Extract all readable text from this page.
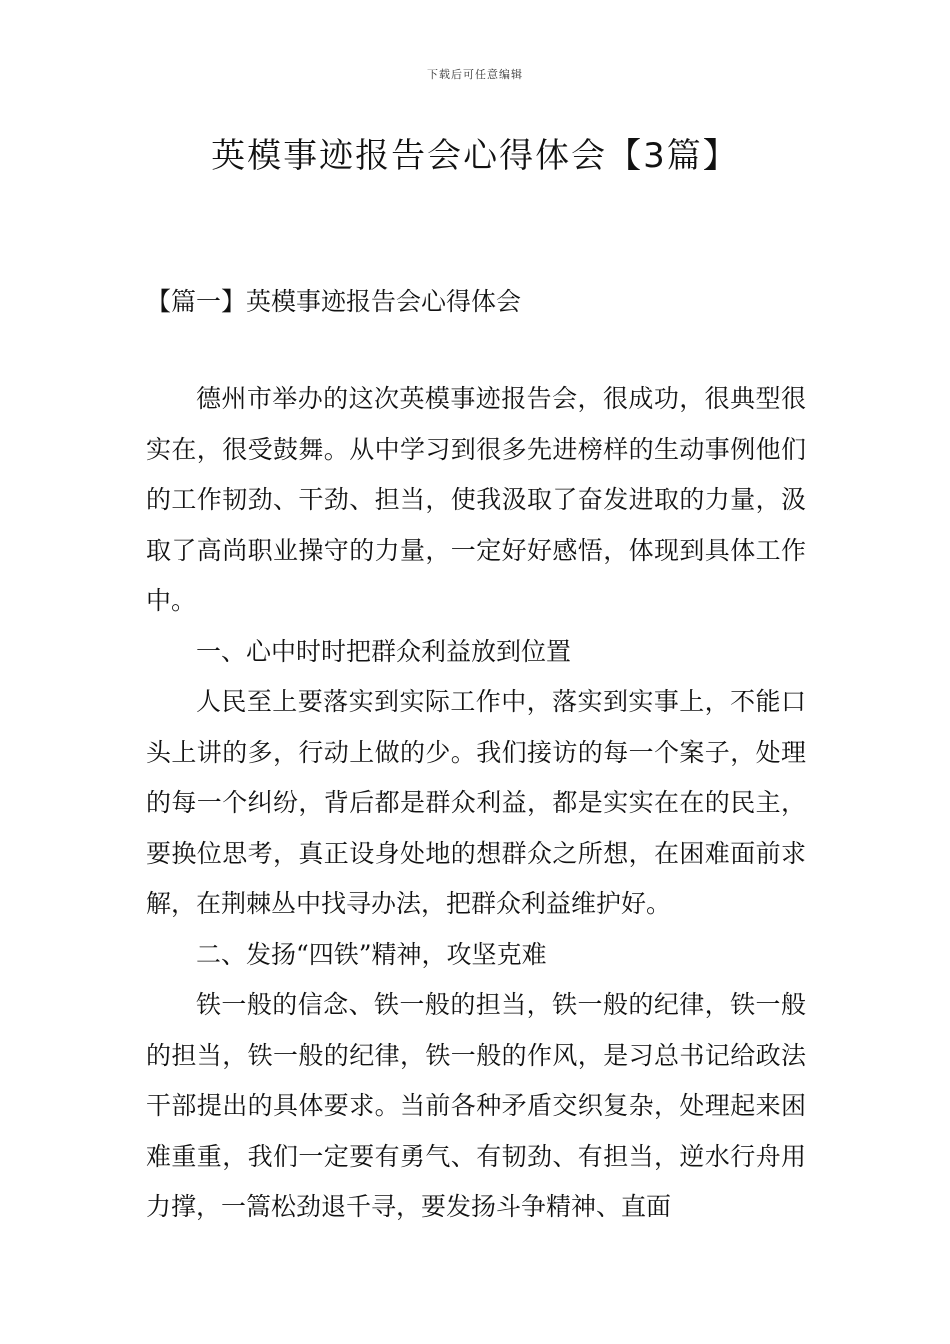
下载后可任意编辑
英模事迹报告会心得体会【3篇】
【篇一】英模事迹报告会心得体会

德州市举办的这次英模事迹报告会，很成功，很典型很实在，很受鼓舞。从中学习到很多先进榜样的生动事例他们的工作韧劲、干劲、担当，使我汲取了奋发进取的力量，汲取了高尚职业操守的力量，一定好好感悟，体现到具体工作中。

一、心中时时把群众利益放到位置

人民至上要落实到实际工作中，落实到实事上，不能口头上讲的多，行动上做的少。我们接访的每一个案子，处理的每一个纠纷，背后都是群众利益，都是实实在在的民主，要换位思考，真正设身处地的想群众之所想，在困难面前求解，在荆棘丛中找寻办法，把群众利益维护好。

二、发扬“四铁”精神，攻坚克难

铁一般的信念、铁一般的担当，铁一般的纪律，铁一般的担当，铁一般的纪律，铁一般的作风，是习总书记给政法干部提出的具体要求。当前各种矛盾交织复杂，处理起来困难重重，我们一定要有勇气、有韧劲、有担当，逆水行舟用力撑，一篙松劲退千寻，要发扬斗争精神、直面
